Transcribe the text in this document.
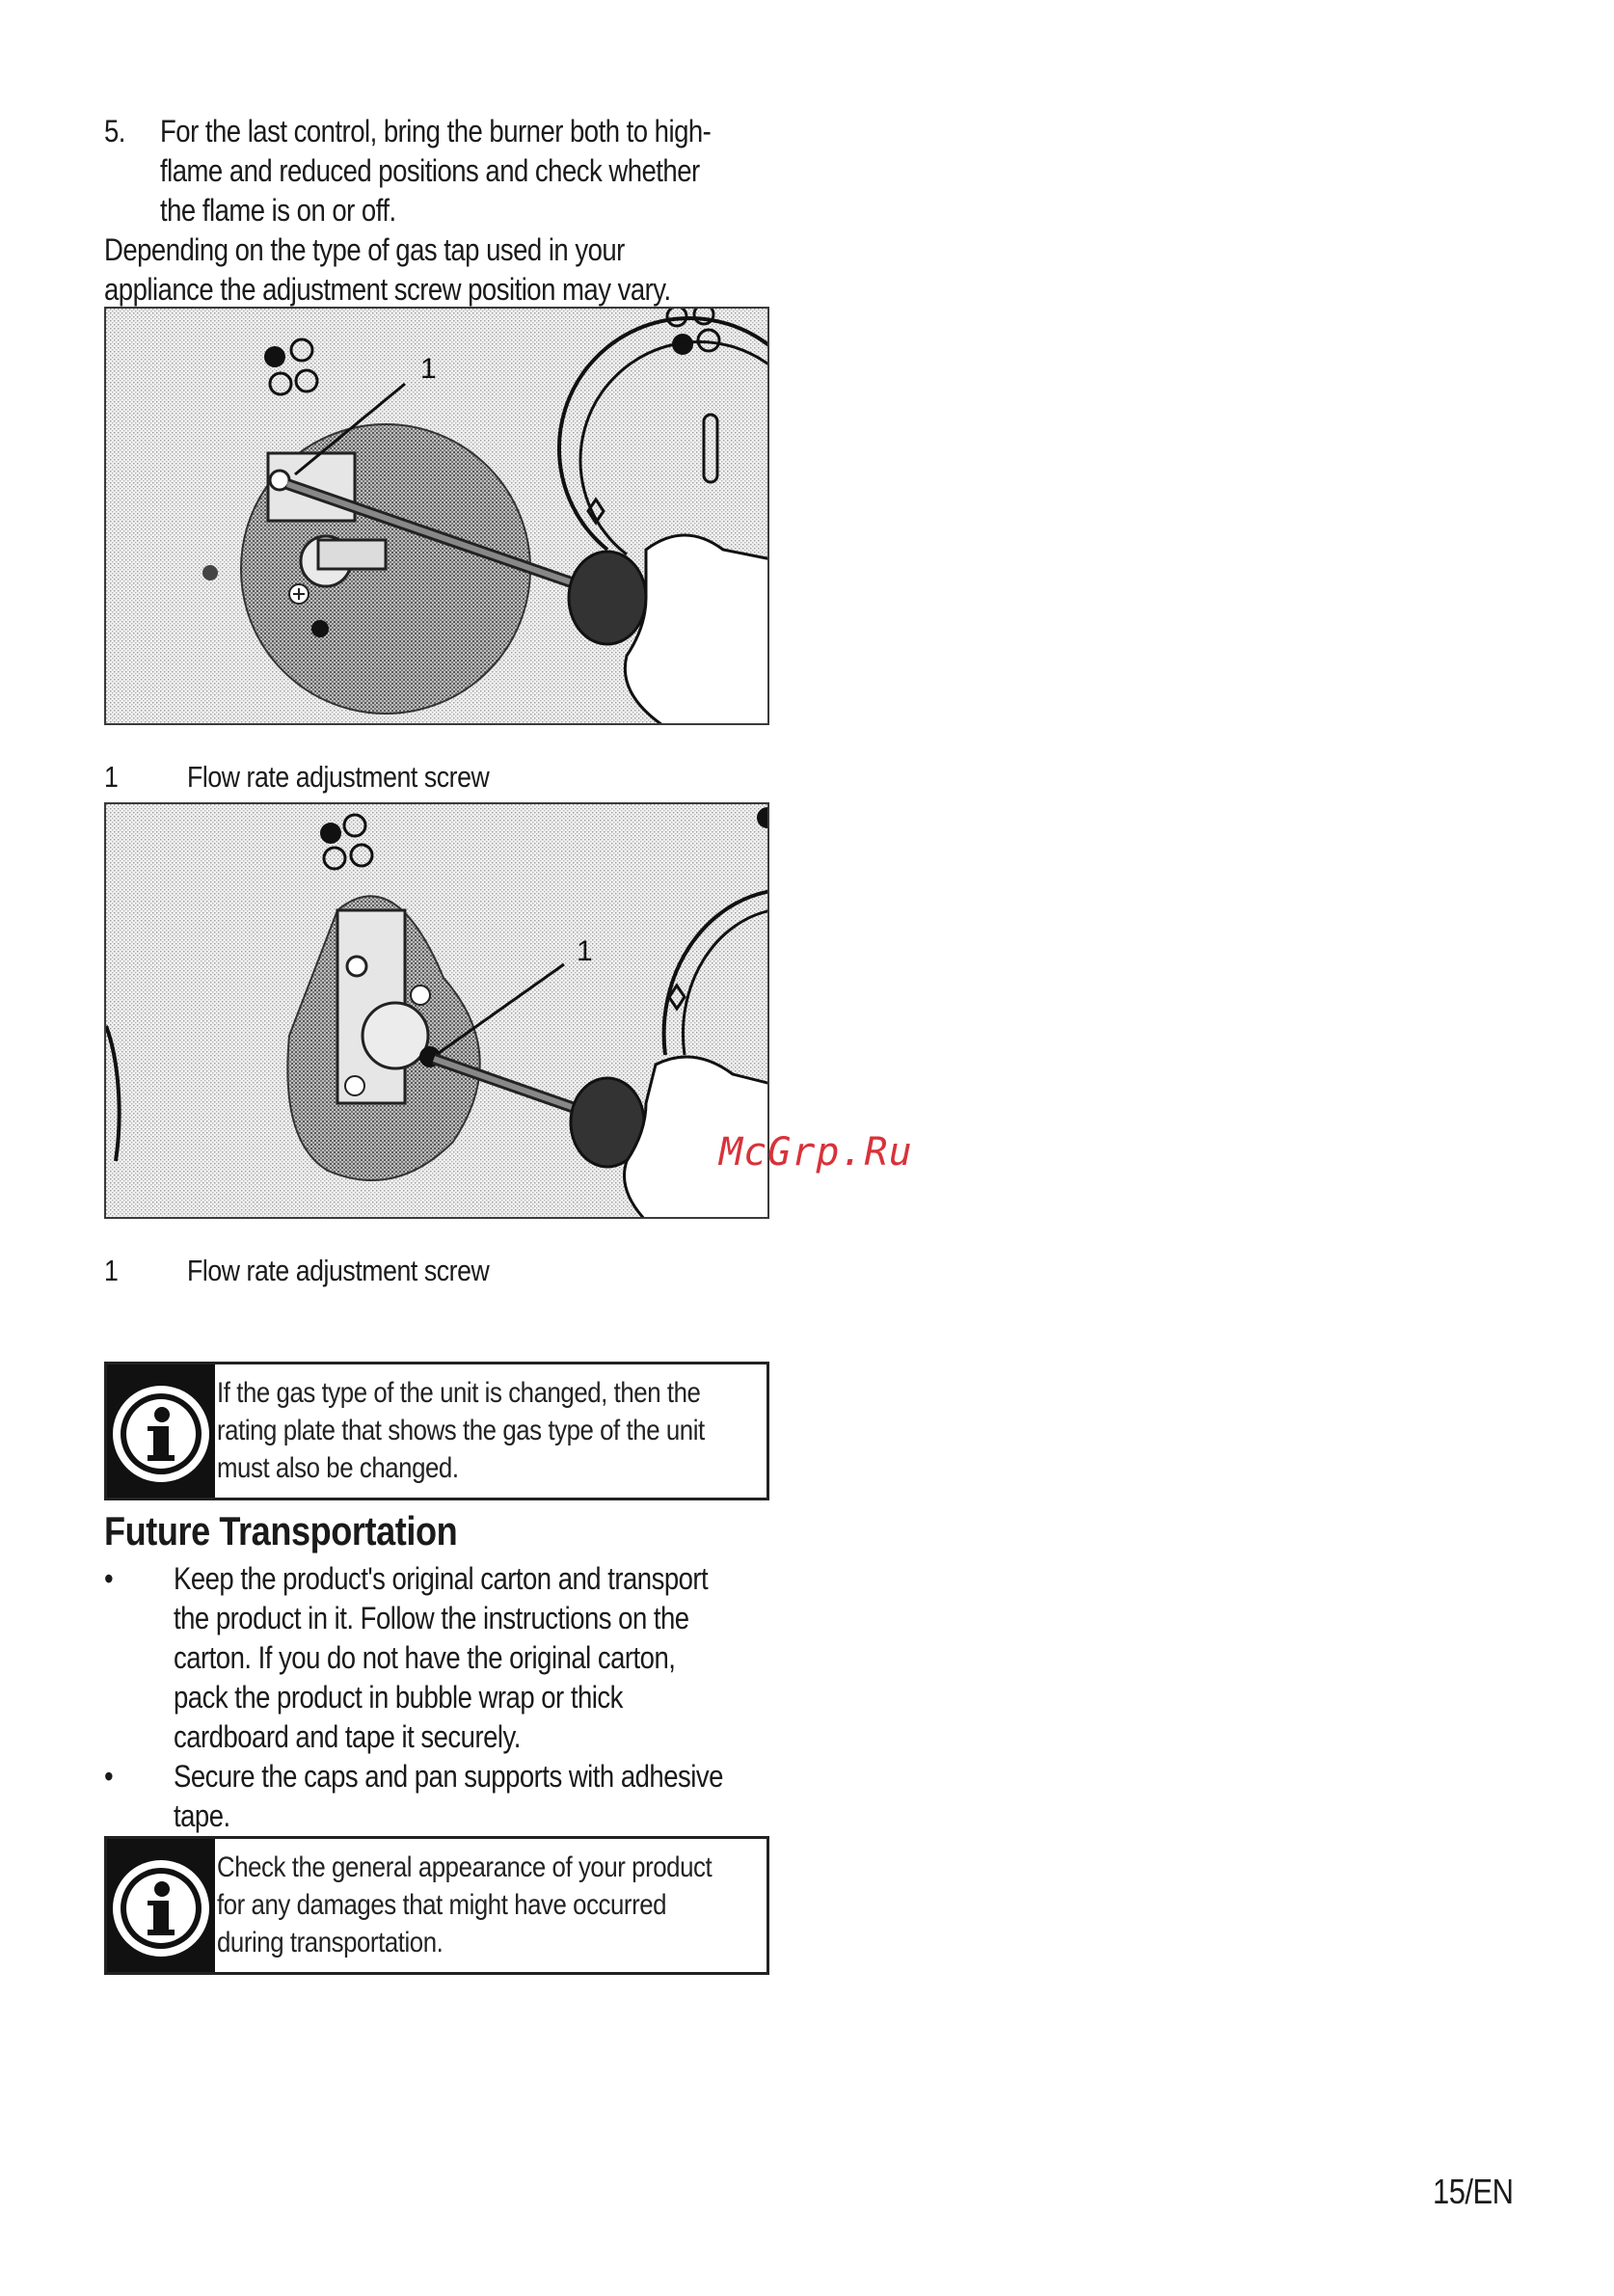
5. For the last control, bring the burner both to high-
flame and reduced positions and check whether
the flame is on or off.
Depending on the type of gas tap used in your
appliance the adjustment screw position may vary.
1
1 Flow rate adjustment screw
1
1 Flow rate adjustment screw
McGrp.Ru
If the gas type of the unit is changed, then the
rating plate that shows the gas type of the unit
must also be changed.
Future Transportation
• Keep the product's original carton and transport
the product in it. Follow the instructions on the
carton. If you do not have the original carton,
pack the product in bubble wrap or thick
cardboard and tape it securely.
• Secure the caps and pan supports with adhesive
tape.
Check the general appearance of your product
for any damages that might have occurred
during transportation.
15/EN
